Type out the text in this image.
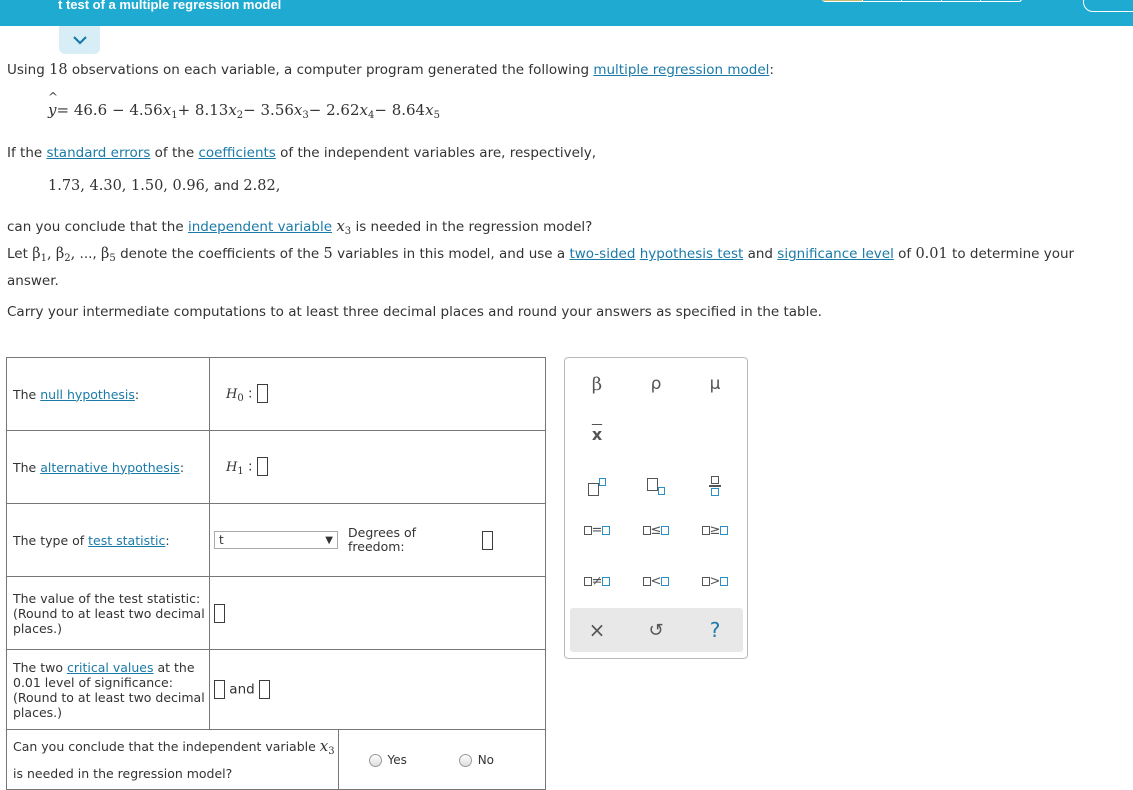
t test of a multiple regression model
Using 18 observations on each variable, a computer program generated the following multiple regression model:
^
$y= 46.6 - 4.56x_1+ 8.13x_2- 3.56x_3- 2.62x_4- 8.64x_5$
If the standard errors of the coefficients of the independent variables are, respectively,
1.73, 4.30, 1.50, 0.96, and 2.82,
can you conclude that the independent variable $x_3$ is needed in the regression model?
Let $\beta_1$, $\beta_2$, ..., $\beta_5$ denote the coefficients of the 5 variables in this model, and use a two-sided hypothesis test and significance level of 0.01 to determine your
answer.
Carry your intermediate computations to at least three decimal places and round your answers as specified in the table.
The null hypothesis:	$H_0$ :	
The alternative hypothesis:	$H_1$ :	
The type of test statistic:	t ▼	Degrees of
freedom:
The value of the test statistic:
(Round to at least two decimal
places.)		
The two critical values at the
0.01 level of significance:
(Round to at least two decimal
places.)	and	
Can you conclude that the independent variable $x_3$
is needed in the regression model?		Yes No
β	ρ	μ
$\overline{x}$
=	≤	≥
≠	<	>
×	↺	?
